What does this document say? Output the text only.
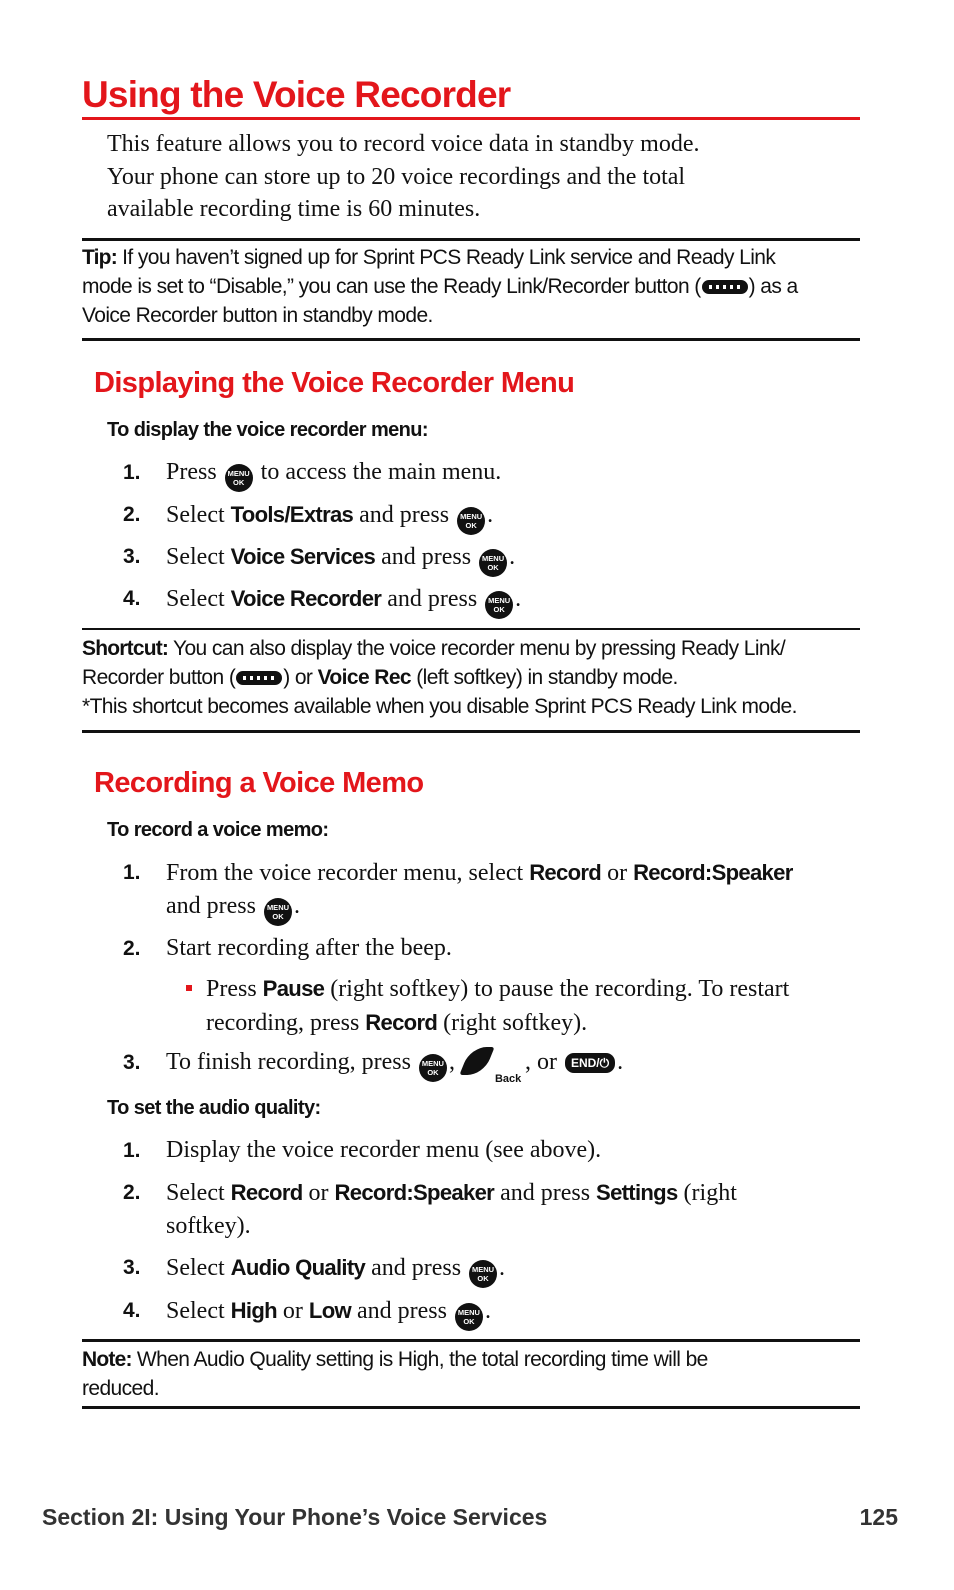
Using the Voice Recorder
This feature allows you to record voice data in standby mode.
Your phone can store up to 20 voice recordings and the total
available recording time is 60 minutes.
Tip: If you haven’t signed up for Sprint PCS Ready Link service and Ready Link
mode is set to “Disable,” you can use the Ready Link/Recorder button ( ) as a
Voice Recorder button in standby mode.
Displaying the Voice Recorder Menu
To display the voice recorder menu:
1.	Press MENU
OK to access the main menu.
2.	Select Tools/Extras and press MENU
OK .
3.	Select Voice Services and press MENU
OK .
4.	Select Voice Recorder and press MENU
OK .
Shortcut: You can also display the voice recorder menu by pressing Ready Link/
Recorder button ( ) or Voice Rec (left softkey) in standby mode.
*This shortcut becomes available when you disable Sprint PCS Ready Link mode.
Recording a Voice Memo
To record a voice memo:
1.	From the voice recorder menu, select Record or Record:Speaker
and press MENU
OK .
2.	Start recording after the beep.
Press Pause (right softkey) to pause the recording. To restart
recording, press Record (right softkey).
3.	To finish recording, press MENU
OK ,
Back
, or END/⏻ .
To set the audio quality:
1.	Display the voice recorder menu (see above).
2.	Select Record or Record:Speaker and press Settings (right
softkey).
3.	Select Audio Quality and press MENU
OK .
4.	Select High or Low and press MENU
OK .
Note: When Audio Quality setting is High, the total recording time will be
reduced.
Section 2I: Using Your Phone’s Voice Services	125
